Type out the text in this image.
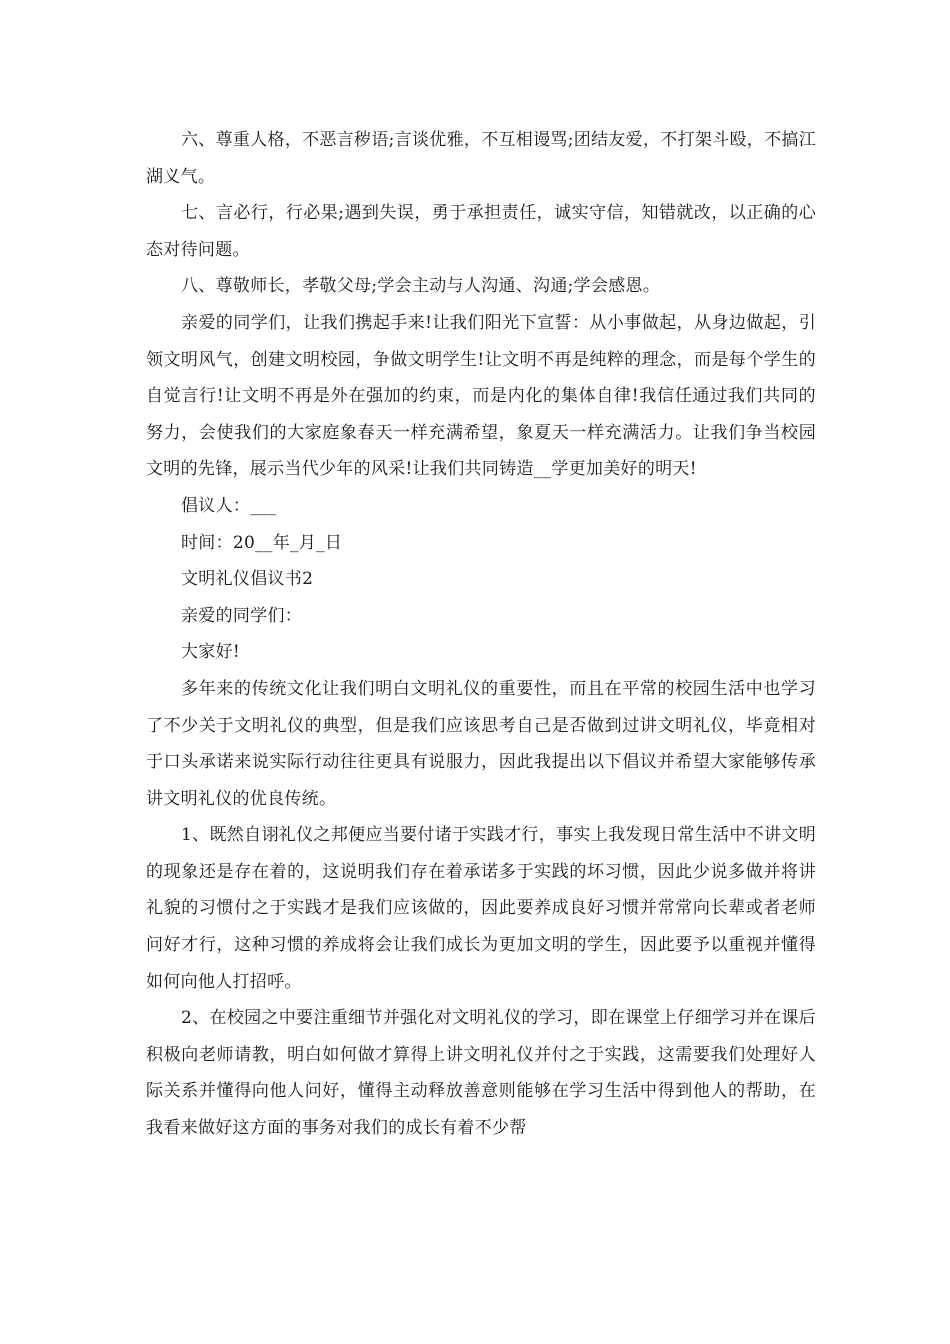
六、尊重人格，不恶言秽语;言谈优雅，不互相谩骂;团结友爱，不打架斗殴，不搞江湖义气。

七、言必行，行必果;遇到失误，勇于承担责任，诚实守信，知错就改，以正确的心态对待问题。

八、尊敬师长，孝敬父母;学会主动与人沟通、沟通;学会感恩。

亲爱的同学们，让我们携起手来!让我们阳光下宣誓：从小事做起，从身边做起，引领文明风气，创建文明校园，争做文明学生!让文明不再是纯粹的理念，而是每个学生的自觉言行!让文明不再是外在强加的约束，而是内化的集体自律!我信任通过我们共同的努力，会使我们的大家庭象春天一样充满希望，象夏天一样充满活力。让我们争当校园文明的先锋，展示当代少年的风采!让我们共同铸造__学更加美好的明天!

倡议人：___

时间：20__年_月_日

文明礼仪倡议书2

亲爱的同学们：

大家好!

多年来的传统文化让我们明白文明礼仪的重要性，而且在平常的校园生活中也学习了不少关于文明礼仪的典型，但是我们应该思考自己是否做到过讲文明礼仪，毕竟相对于口头承诺来说实际行动往往更具有说服力，因此我提出以下倡议并希望大家能够传承讲文明礼仪的优良传统。

1、既然自诩礼仪之邦便应当要付诸于实践才行，事实上我发现日常生活中不讲文明的现象还是存在着的，这说明我们存在着承诺多于实践的坏习惯，因此少说多做并将讲礼貌的习惯付之于实践才是我们应该做的，因此要养成良好习惯并常常向长辈或者老师问好才行，这种习惯的养成将会让我们成长为更加文明的学生，因此要予以重视并懂得如何向他人打招呼。

2、在校园之中要注重细节并强化对文明礼仪的学习，即在课堂上仔细学习并在课后积极向老师请教，明白如何做才算得上讲文明礼仪并付之于实践，这需要我们处理好人际关系并懂得向他人问好，懂得主动释放善意则能够在学习生活中得到他人的帮助，在我看来做好这方面的事务对我们的成长有着不少帮
